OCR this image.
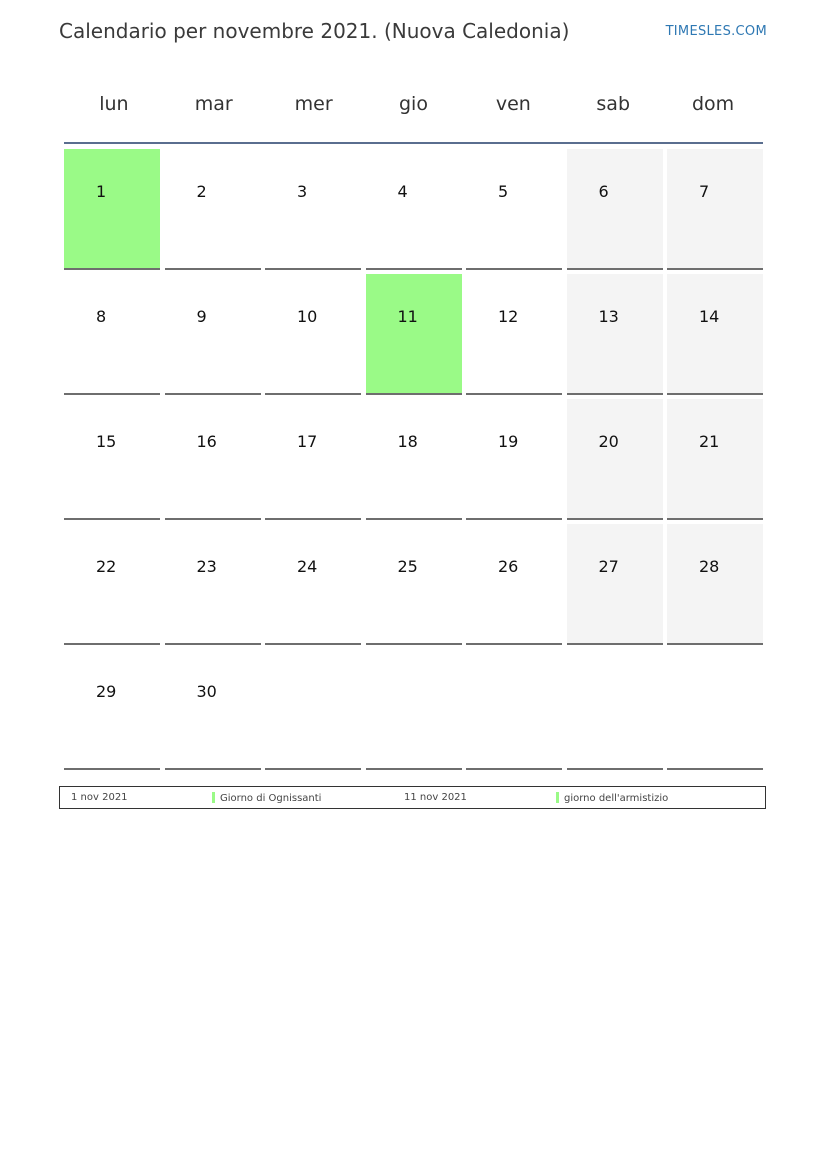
Calendario per novembre 2021. (Nuova Caledonia)	TIMESLES.COM
lun	mar	mer	gio	ven	sab	dom
1	2	3	4	5	6	7
8	9	10	11	12	13	14
15	16	17	18	19	20	21
22	23	24	25	26	27	28
29	30
1 nov 2021	Giorno di Ognissanti	11 nov 2021	giorno dell'armistizio
